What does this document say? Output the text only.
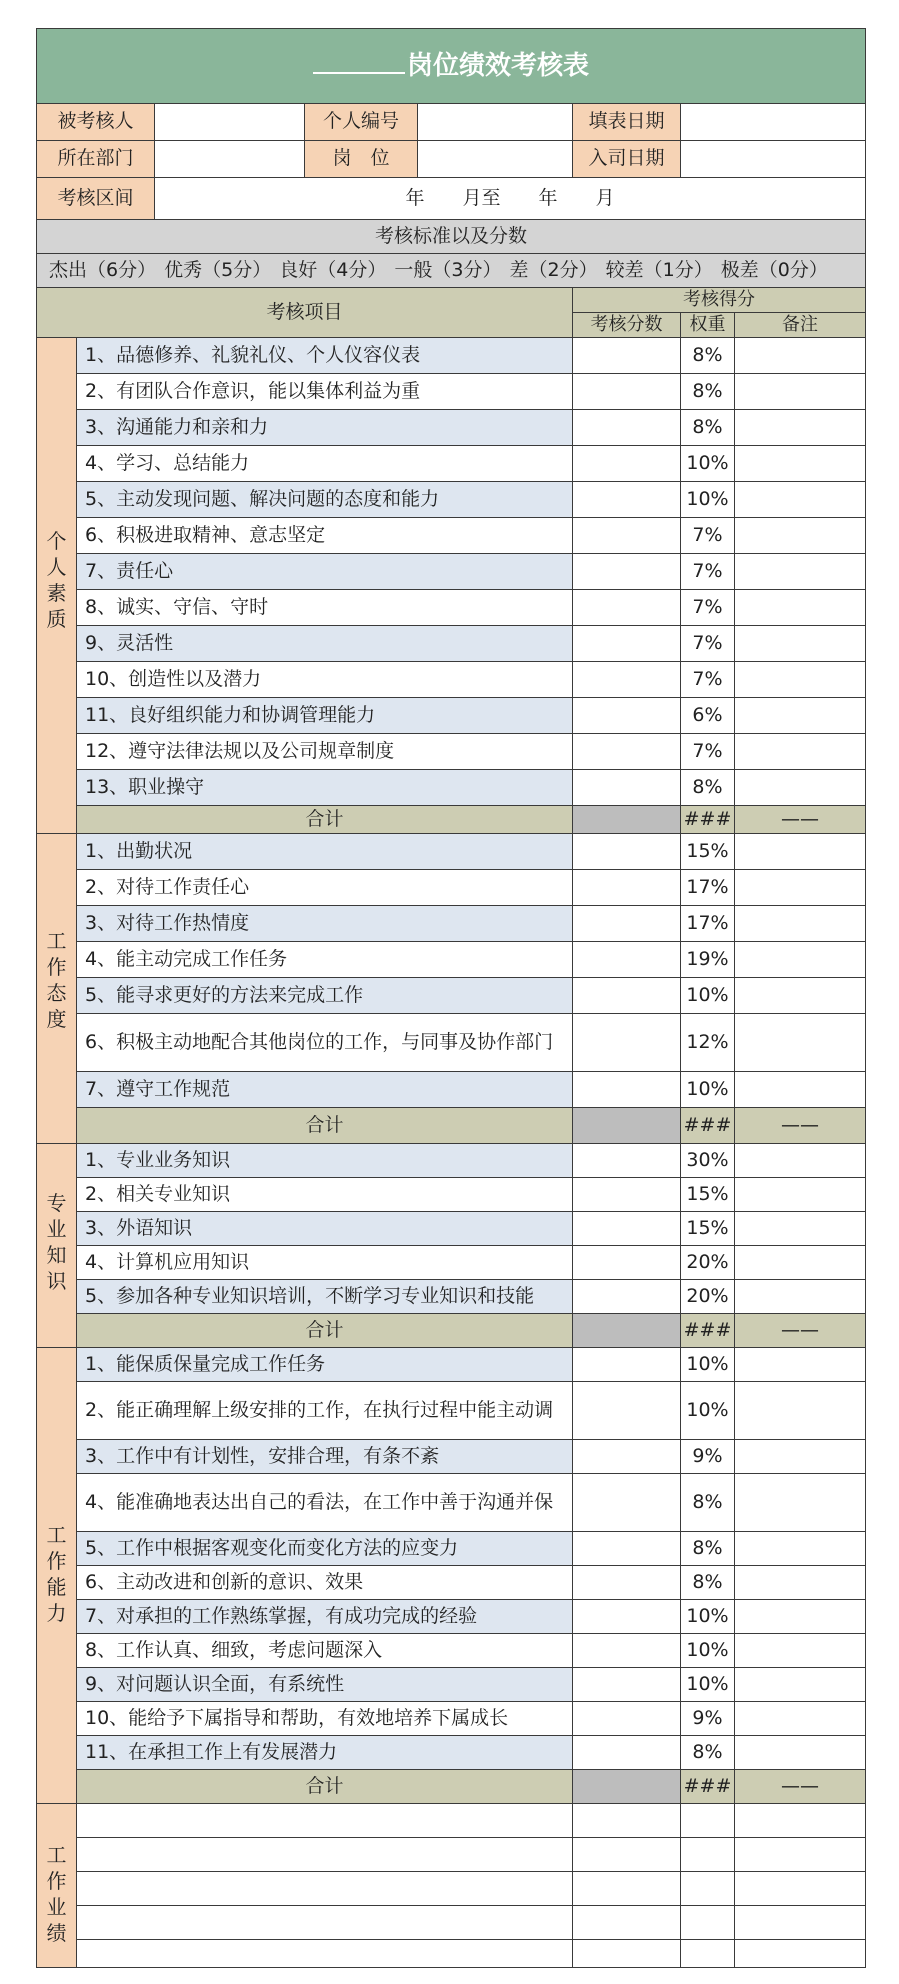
岗位绩效考核表							
被考核人			个人编号		填表日期		
所在部门			岗　位		入司日期		
考核区间		年　　月至　　年　　月					
考核标准以及分数							
杰出（6分） 优秀（5分） 良好（4分） 一般（3分） 差（2分） 较差（1分） 极差（0分）							
考核项目					考核得分		
					考核分数	权重	备注

个人素质	1、品德修养、礼貌礼仪、个人仪容仪表					8%	
	2、有团队合作意识，能以集体利益为重					8%	
	3、沟通能力和亲和力					8%	
	4、学习、总结能力					10%	
	5、主动发现问题、解决问题的态度和能力					10%	
	6、积极进取精神、意志坚定					7%	
	7、责任心					7%	
	8、诚实、守信、守时					7%	
	9、灵活性					7%	
	10、创造性以及潜力					7%	
	11、良好组织能力和协调管理能力					6%	
	12、遵守法律法规以及公司规章制度					7%	
	13、职业操守					8%	
	合计					###	——

工作态度	1、出勤状况					15%	
	2、对待工作责任心					17%	
	3、对待工作热情度					17%	
	4、能主动完成工作任务					19%	
	5、能寻求更好的方法来完成工作					10%	
	6、积极主动地配合其他岗位的工作，与同事及协作部门					12%	
	7、遵守工作规范					10%	
	合计					###	——

专业知识	1、专业业务知识					30%	
	2、相关专业知识					15%	
	3、外语知识					15%	
	4、计算机应用知识					20%	
	5、参加各种专业知识培训，不断学习专业知识和技能					20%	
	合计					###	——

工作能力	1、能保质保量完成工作任务					10%	
	2、能正确理解上级安排的工作，在执行过程中能主动调					10%	
	3、工作中有计划性，安排合理，有条不紊					9%	
	4、能准确地表达出自己的看法，在工作中善于沟通并保					8%	
	5、工作中根据客观变化而变化方法的应变力					8%	
	6、主动改进和创新的意识、效果					8%	
	7、对承担的工作熟练掌握，有成功完成的经验					10%	
	8、工作认真、细致，考虑问题深入					10%	
	9、对问题认识全面，有系统性					10%	
	10、能给予下属指导和帮助，有效地培养下属成长					9%	
	11、在承担工作上有发展潜力					8%	
	合计					###	——

工作业绩							
